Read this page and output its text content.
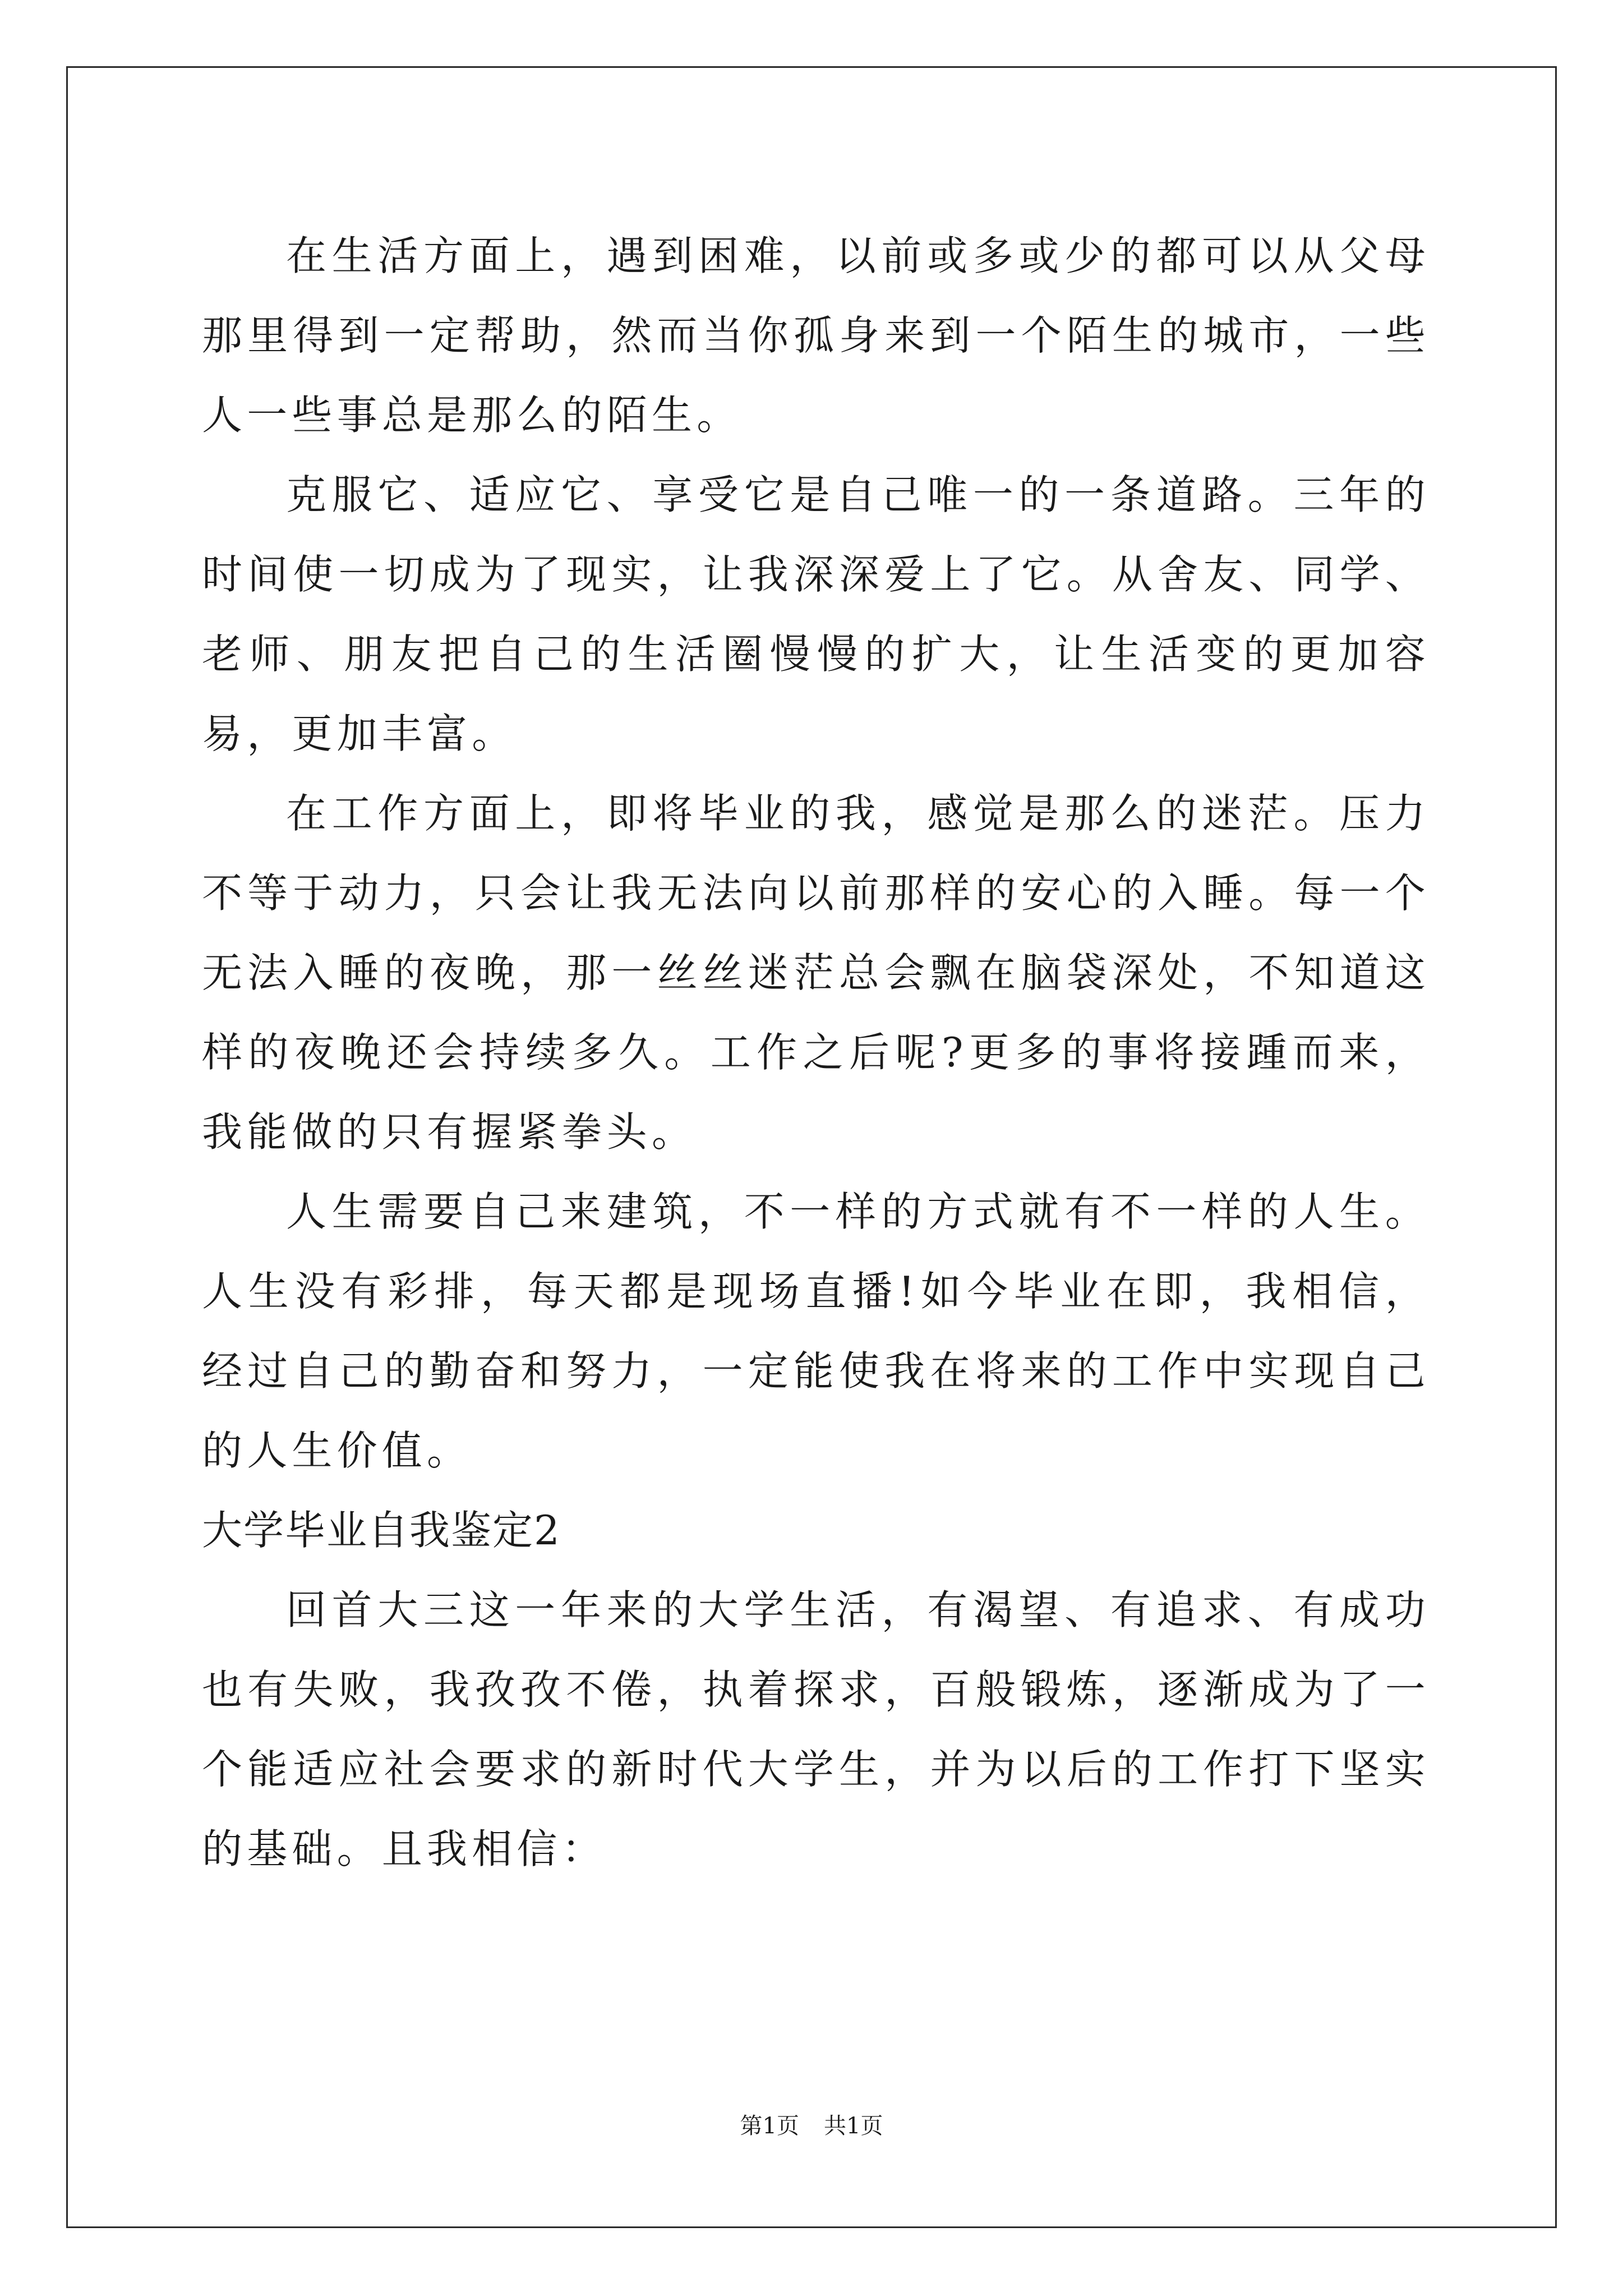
在生活方面上，遇到困难，以前或多或少的都可以从父母那里得到一定帮助，然而当你孤身来到一个陌生的城市，一些人一些事总是那么的陌生。

克服它、适应它、享受它是自己唯一的一条道路。三年的时间使一切成为了现实，让我深深爱上了它。从舍友、同学、老师、朋友把自己的生活圈慢慢的扩大，让生活变的更加容易，更加丰富。

在工作方面上，即将毕业的我，感觉是那么的迷茫。压力不等于动力，只会让我无法向以前那样的安心的入睡。每一个无法入睡的夜晚，那一丝丝迷茫总会飘在脑袋深处，不知道这样的夜晚还会持续多久。工作之后呢?更多的事将接踵而来，我能做的只有握紧拳头。

人生需要自己来建筑，不一样的方式就有不一样的人生。人生没有彩排，每天都是现场直播!如今毕业在即，我相信，经过自己的勤奋和努力，一定能使我在将来的工作中实现自己的人生价值。

大学毕业自我鉴定2

回首大三这一年来的大学生活，有渴望、有追求、有成功也有失败，我孜孜不倦，执着探求，百般锻炼，逐渐成为了一个能适应社会要求的新时代大学生，并为以后的工作打下坚实的基础。且我相信：

第1页 共1页
